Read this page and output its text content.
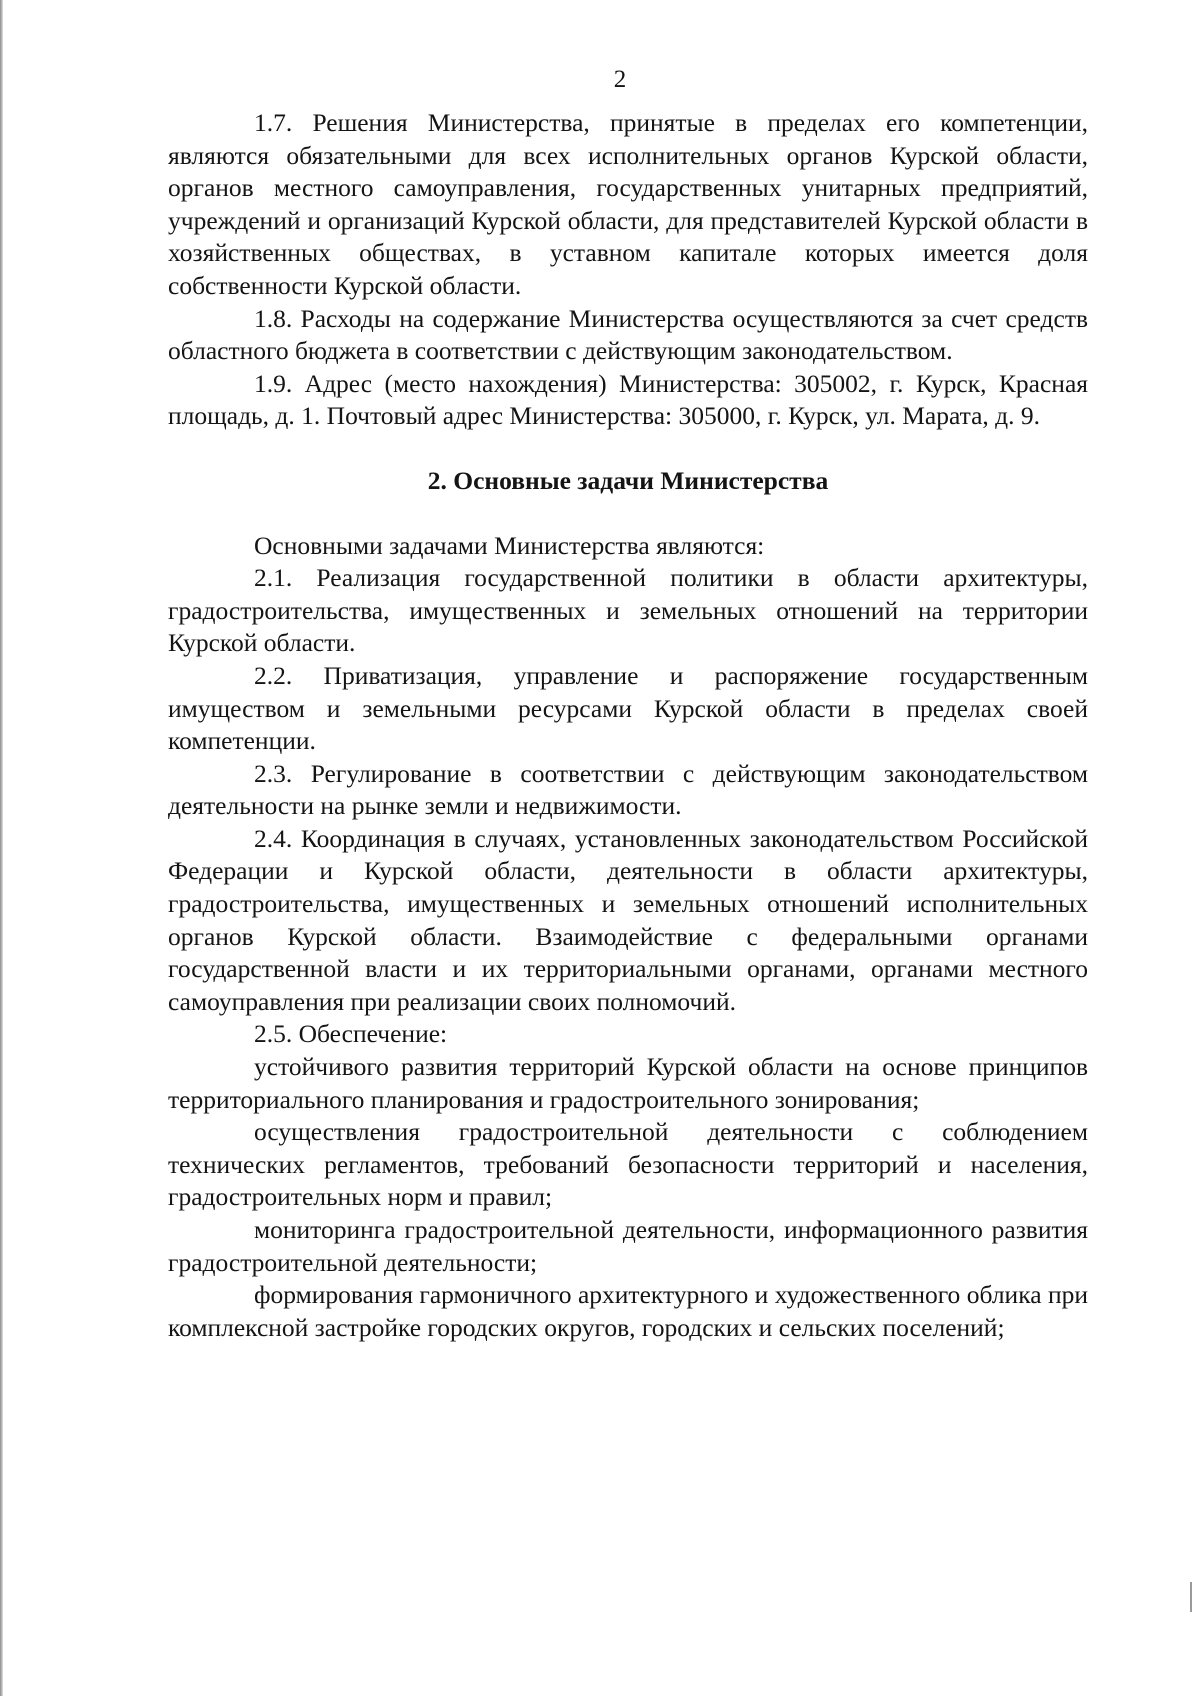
2

1.7. Решения Министерства, принятые в пределах его компетенции, являются обязательными для всех исполнительных органов Курской области, органов местного самоуправления, государственных унитарных предприятий, учреждений и организаций Курской области, для представителей Курской области в хозяйственных обществах, в уставном капитале которых имеется доля собственности Курской области.

1.8. Расходы на содержание Министерства осуществляются за счет средств областного бюджета в соответствии с действующим законодательством.

1.9. Адрес (место нахождения) Министерства: 305002, г. Курск, Красная площадь, д. 1. Почтовый адрес Министерства: 305000, г. Курск, ул. Марата, д. 9.

2. Основные задачи Министерства

Основными задачами Министерства являются:

2.1. Реализация государственной политики в области архитектуры, градостроительства, имущественных и земельных отношений на территории Курской области.

2.2. Приватизация, управление и распоряжение государственным имуществом и земельными ресурсами Курской области в пределах своей компетенции.

2.3. Регулирование в соответствии с действующим законодательством деятельности на рынке земли и недвижимости.

2.4. Координация в случаях, установленных законодательством Российской Федерации и Курской области, деятельности в области архитектуры, градостроительства, имущественных и земельных отношений исполнительных органов Курской области. Взаимодействие с федеральными органами государственной власти и их территориальными органами, органами местного самоуправления при реализации своих полномочий.

2.5. Обеспечение:

устойчивого развития территорий Курской области на основе принципов территориального планирования и градостроительного зонирования;

осуществления градостроительной деятельности с соблюдением технических регламентов, требований безопасности территорий и населения, градостроительных норм и правил;

мониторинга градостроительной деятельности, информационного развития градостроительной деятельности;

формирования гармоничного архитектурного и художественного облика при комплексной застройке городских округов, городских и сельских поселений;
